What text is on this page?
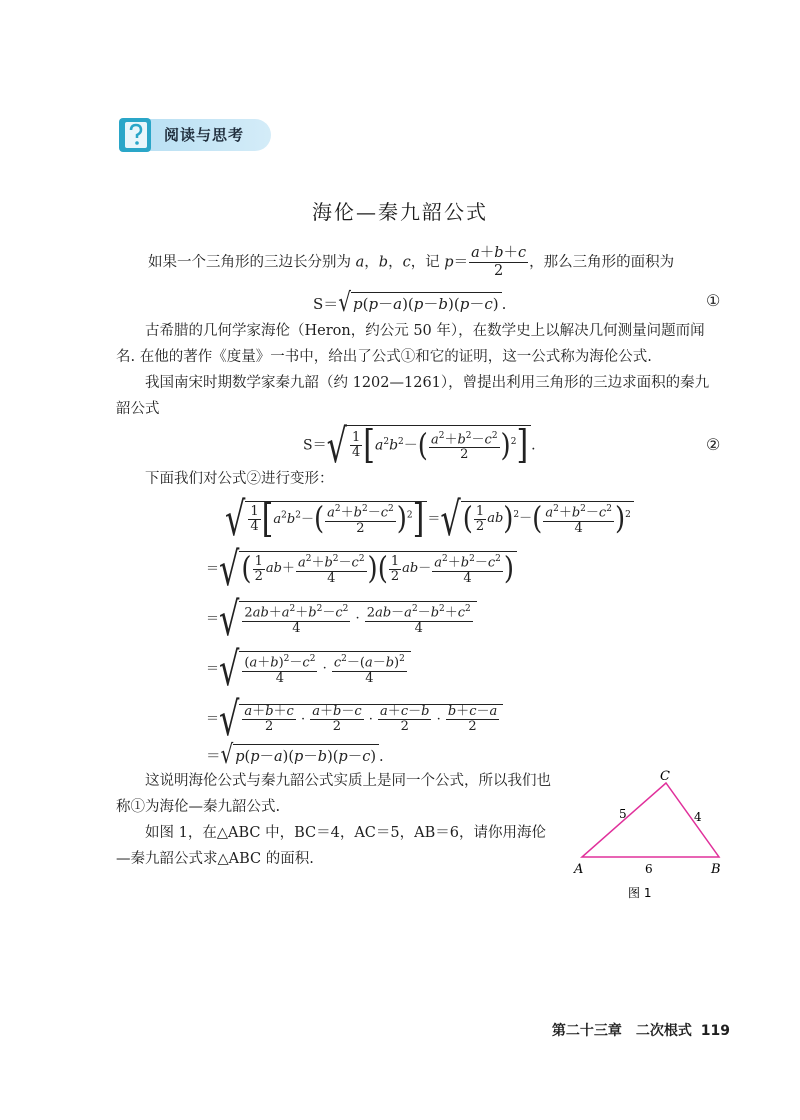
阅读与思考
海伦—秦九韶公式
如果一个三角形的三边长分别为 a，b，c，记 $p= \frac{a+b+c}{2}$ ，那么三角形的面积为
S＝√ p(p－a)(p－b)(p－c) .	①
古希腊的几何学家海伦（Heron，约公元 50 年），在数学史上以解决几何测量问题而闻名. 在他的著作《度量》一书中，给出了公式①和它的证明，这一公式称为海伦公式.
我国南宋时期数学家秦九韶（约 1202—1261），曾提出利用三角形的三边求面积的秦九韶公式
$S=√ \frac{1}{4} [a^2b^2-( \frac{a^2+b^2-c^2}{2} )^2]$ .	②
下面我们对公式②进行变形：
√ $\frac{1}{4} [a^2b^2-( \frac{a^2+b^2-c^2}{2} )^2]$ ＝√( $\frac{1}{2} ab)^2-( \frac{a^2+b^2-c^2}{4} )^2$
＝√( $\frac{1}{2} ab+ \frac{a^2+b^2-c^2}{4}$ )( $\frac{1}{2} ab- \frac{a^2+b^2-c^2}{4}$ )
＝√ $\frac{2ab+a^2+b^2-c^2}{4} \cdot \frac{2ab-a^2-b^2+c^2}{4}$
＝√ $\frac{(a+b)^2-c^2}{4} \cdot \frac{c^2-(a-b)^2}{4}$
＝√ $\frac{a+b+c}{2} \cdot \frac{a+b-c}{2} \cdot \frac{a+c-b}{2} \cdot \frac{b+c-a}{2}$
＝√ p(p－a)(p－b)(p－c) .
这说明海伦公式与秦九韶公式实质上是同一个公式，所以我们也称①为海伦—秦九韶公式.
如图 1，在△ABC 中，BC＝4，AC＝5，AB＝6，请你用海伦—秦九韶公式求△ABC 的面积.
A	B
C
5	4
6
图 1
第二十三章　二次根式 119
